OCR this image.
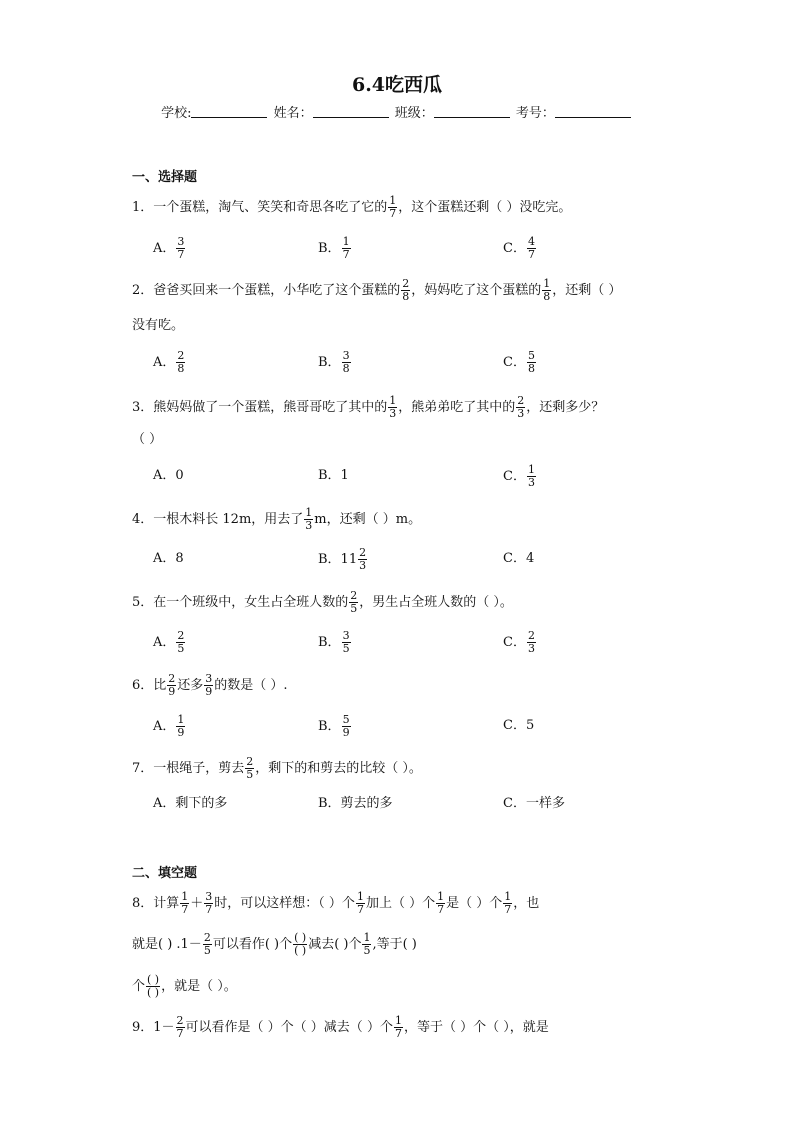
6.4吃西瓜
学校:	姓名：	班级：	考号：
一、选择题
1．一个蛋糕，淘气、笑笑和奇思各吃了它的 $\frac{1}{7}$ ，这个蛋糕还剩（ ）没吃完。
A． $\frac{3}{7}$	B． $\frac{1}{7}$	C． $\frac{4}{7}$
2．爸爸买回来一个蛋糕，小华吃了这个蛋糕的 $\frac{2}{8}$ ，妈妈吃了这个蛋糕的 $\frac{1}{8}$ ，还剩（ ）
没有吃。
A． $\frac{2}{8}$	B． $\frac{3}{8}$	C． $\frac{5}{8}$
3．熊妈妈做了一个蛋糕，熊哥哥吃了其中的 $\frac{1}{3}$ ，熊弟弟吃了其中的 $\frac{2}{3}$ ，还剩多少？
（ ）
A．0	B．1	C． $\frac{1}{3}$
4．一根木料长 12m，用去了 $\frac{1}{3}$ m，还剩（ ）m。
A．8	B．$11 \frac{2}{3}$	C．4
5．在一个班级中，女生占全班人数的 $\frac{2}{5}$ ，男生占全班人数的（ ）。
A． $\frac{2}{5}$	B． $\frac{3}{5}$	C． $\frac{2}{3}$
6．比 $\frac{2}{9}$ 还多 $\frac{3}{9}$ 的数是（ ）.
A． $\frac{1}{9}$	B． $\frac{5}{9}$	C．5
7．一根绳子，剪去 $\frac{2}{5}$ ，剩下的和剪去的比较（ ）。
A．剩下的多	B．剪去的多	C．一样多
二、填空题
8．计算 $\frac{1}{7} + \frac{3}{7}$ 时，可以这样想：（ ）个 $\frac{1}{7}$ 加上（ ）个 $\frac{1}{7}$ 是（ ）个 $\frac{1}{7}$ ，也
就是( ) $.1- \frac{2}{5}$ 可以看作( )个 $\frac{( )}{( )}$ 减去( )个 $\frac{1}{5}$ ,等于( )
个 $\frac{( )}{( )}$ ，就是（ ）。
9．$1- \frac{2}{7}$ 可以看作是（ ）个（ ）减去（ ）个 $\frac{1}{7}$ ，等于（ ）个（ ），就是
